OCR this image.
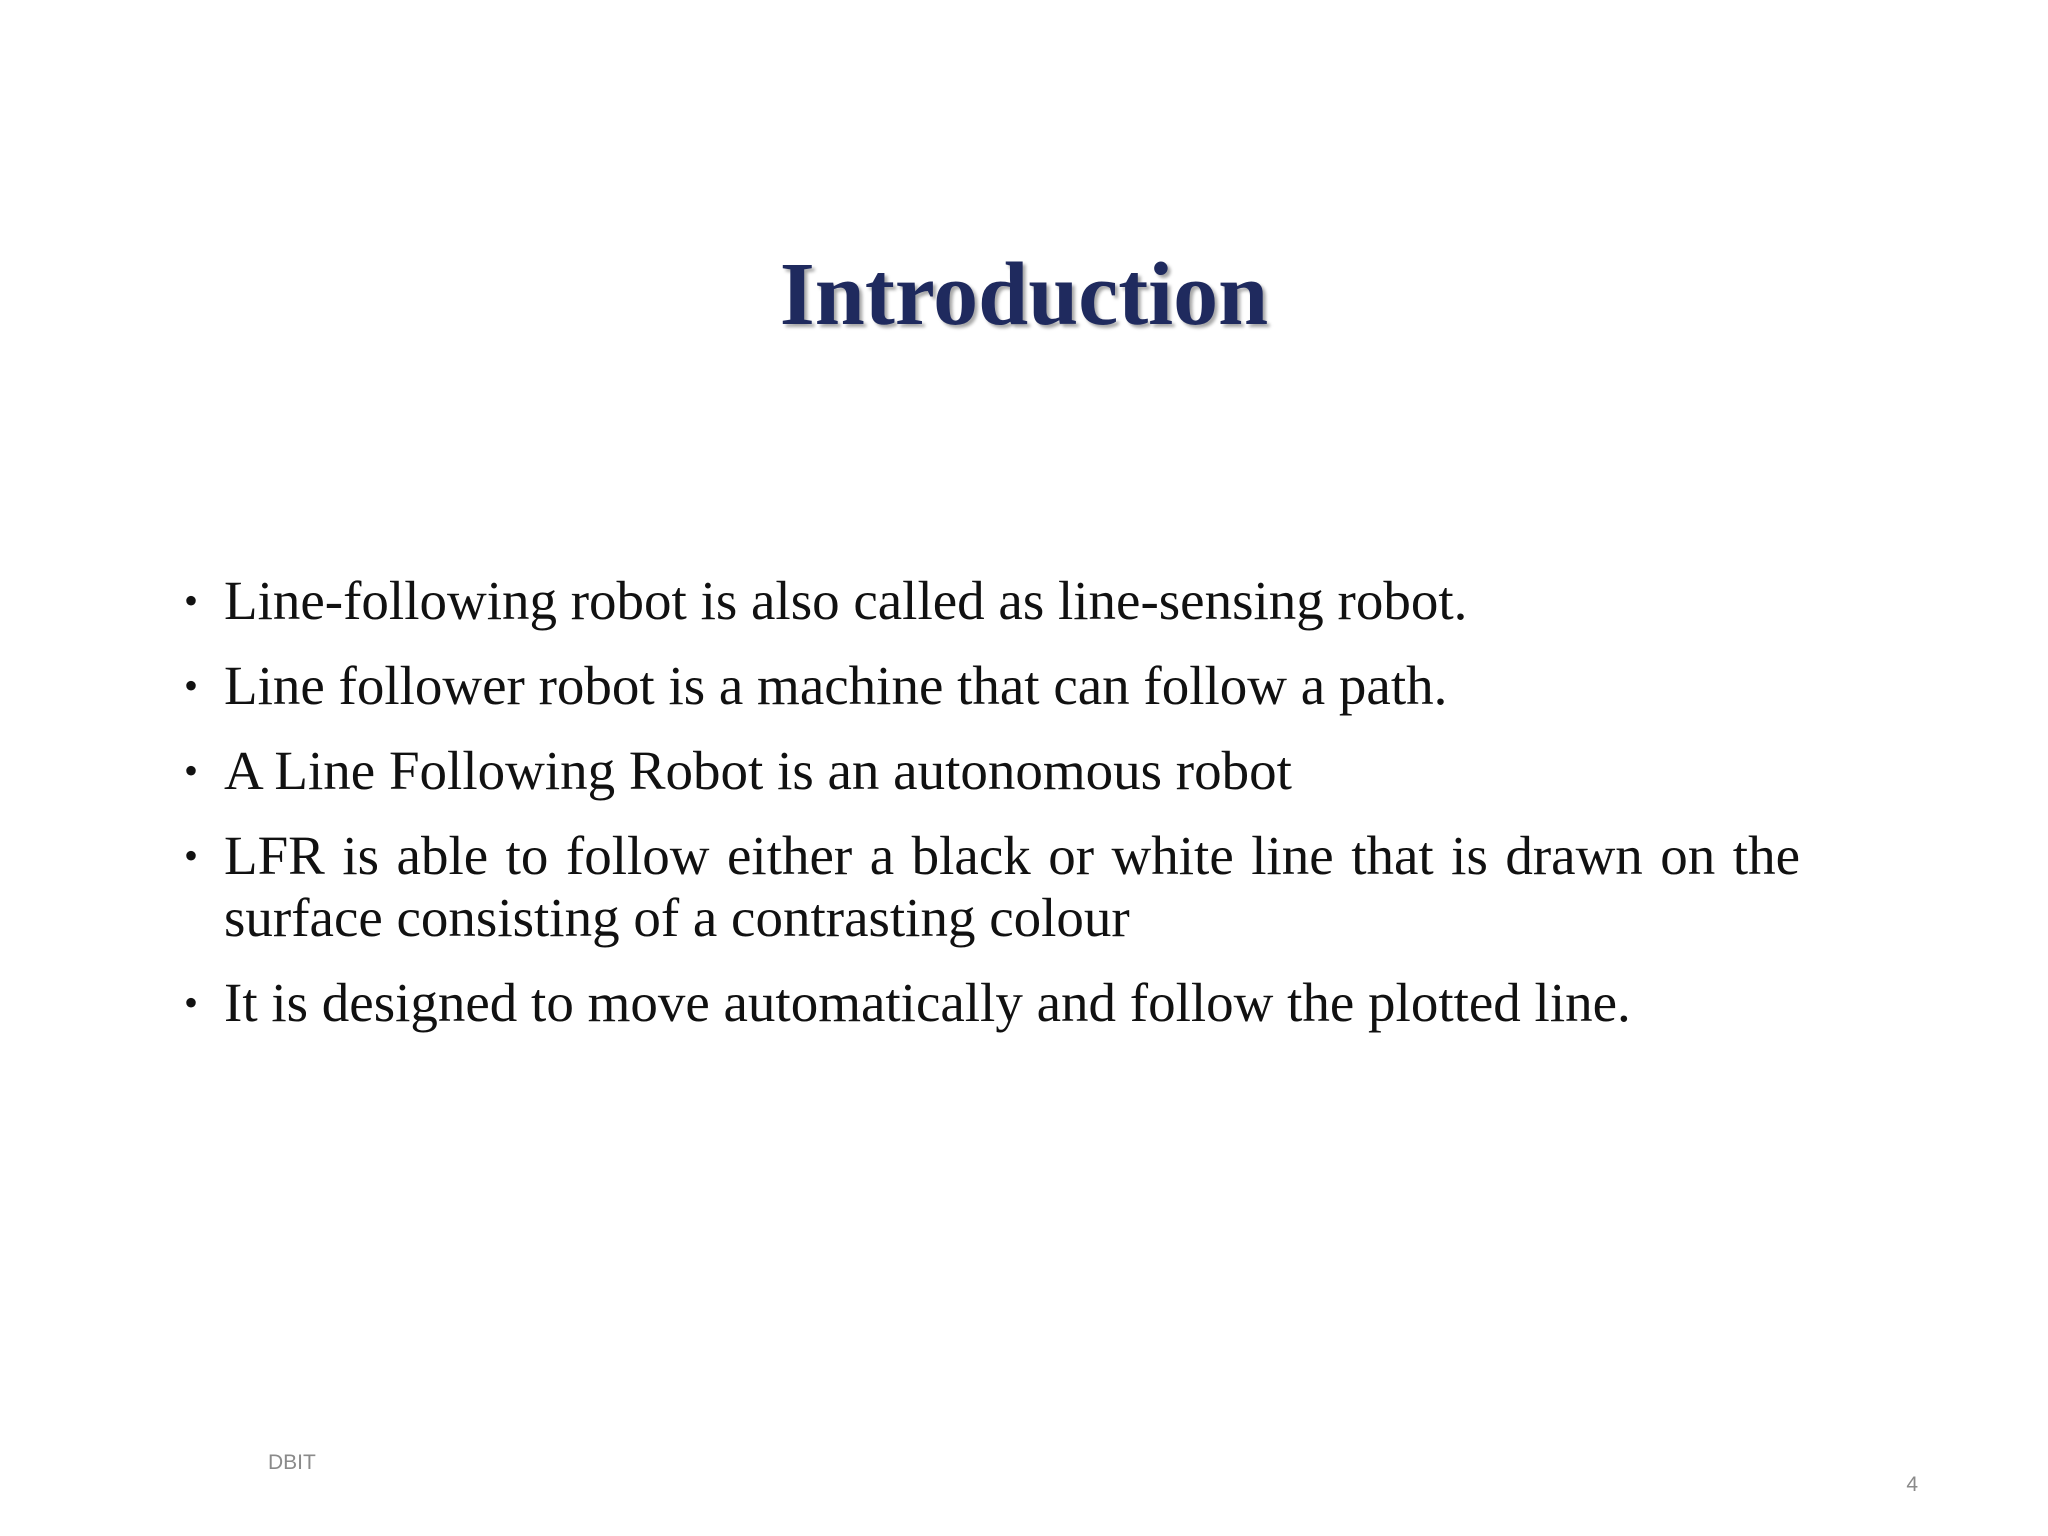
Introduction
• Line-following robot is also called as line-sensing robot.
• Line follower robot is a machine that can follow a path.
• A Line Following Robot is an autonomous robot
• LFR is able to follow either a black or white line that is drawn on the surface consisting of a contrasting colour
• It is designed to move automatically and follow the plotted line.
DBIT
4
